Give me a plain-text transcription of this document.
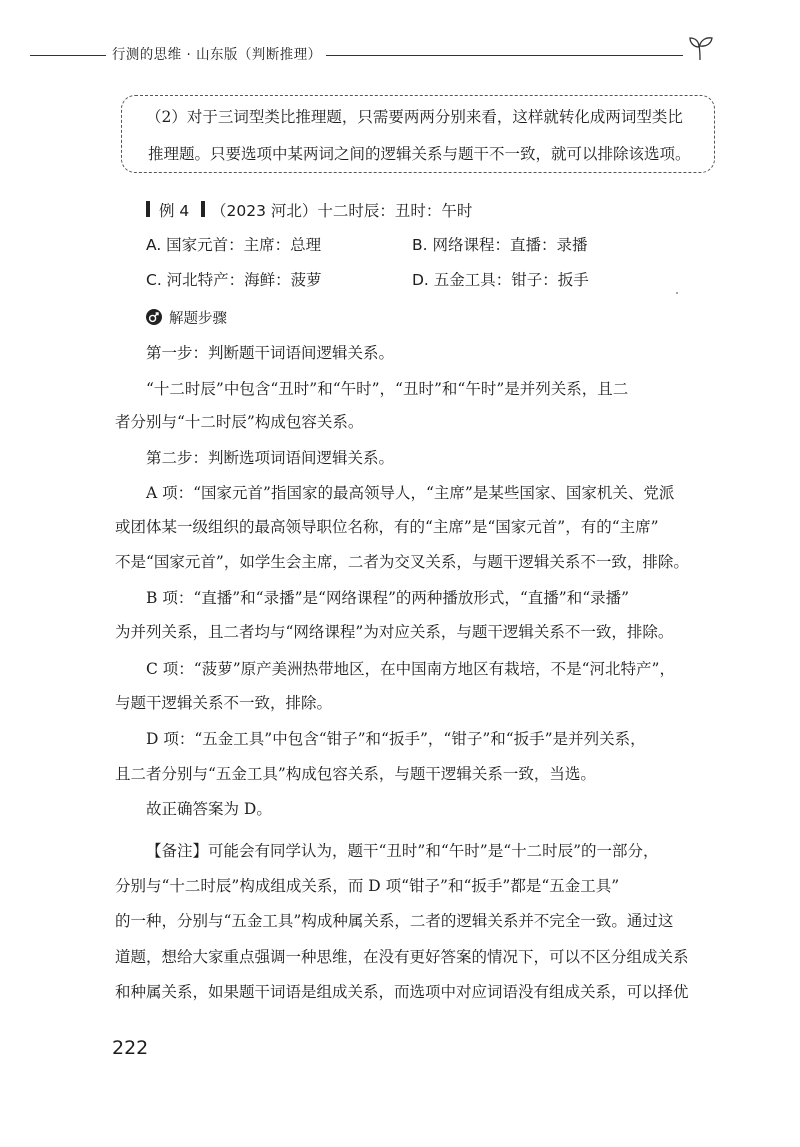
行测的思维 · 山东版（判断推理）
（2）对于三词型类比推理题，只需要两两分别来看，这样就转化成两词型类比
推理题。只要选项中某两词之间的逻辑关系与题干不一致，就可以排除该选项。
例 4 （2023 河北）十二时辰：丑时：午时
A. 国家元首：主席：总理	B. 网络课程：直播：录播
C. 河北特产：海鲜：菠萝	D. 五金工具：钳子：扳手
解题步骤
第一步：判断题干词语间逻辑关系。
“十二时辰”中包含“丑时”和“午时”，“丑时”和“午时”是并列关系，且二
者分别与“十二时辰”构成包容关系。
第二步：判断选项词语间逻辑关系。
A 项：“国家元首”指国家的最高领导人，“主席”是某些国家、国家机关、党派
或团体某一级组织的最高领导职位名称，有的“主席”是“国家元首”，有的“主席”
不是“国家元首”，如学生会主席，二者为交叉关系，与题干逻辑关系不一致，排除。
B 项：“直播”和“录播”是“网络课程”的两种播放形式，“直播”和“录播”
为并列关系，且二者均与“网络课程”为对应关系，与题干逻辑关系不一致，排除。
C 项：“菠萝”原产美洲热带地区，在中国南方地区有栽培，不是“河北特产”，
与题干逻辑关系不一致，排除。
D 项：“五金工具”中包含“钳子”和“扳手”，“钳子”和“扳手”是并列关系，
且二者分别与“五金工具”构成包容关系，与题干逻辑关系一致，当选。
故正确答案为 D。
【备注】可能会有同学认为，题干“丑时”和“午时”是“十二时辰”的一部分，
分别与“十二时辰”构成组成关系，而 D 项“钳子”和“扳手”都是“五金工具”
的一种，分别与“五金工具”构成种属关系，二者的逻辑关系并不完全一致。通过这
道题，想给大家重点强调一种思维，在没有更好答案的情况下，可以不区分组成关系
和种属关系，如果题干词语是组成关系，而选项中对应词语没有组成关系，可以择优
222
